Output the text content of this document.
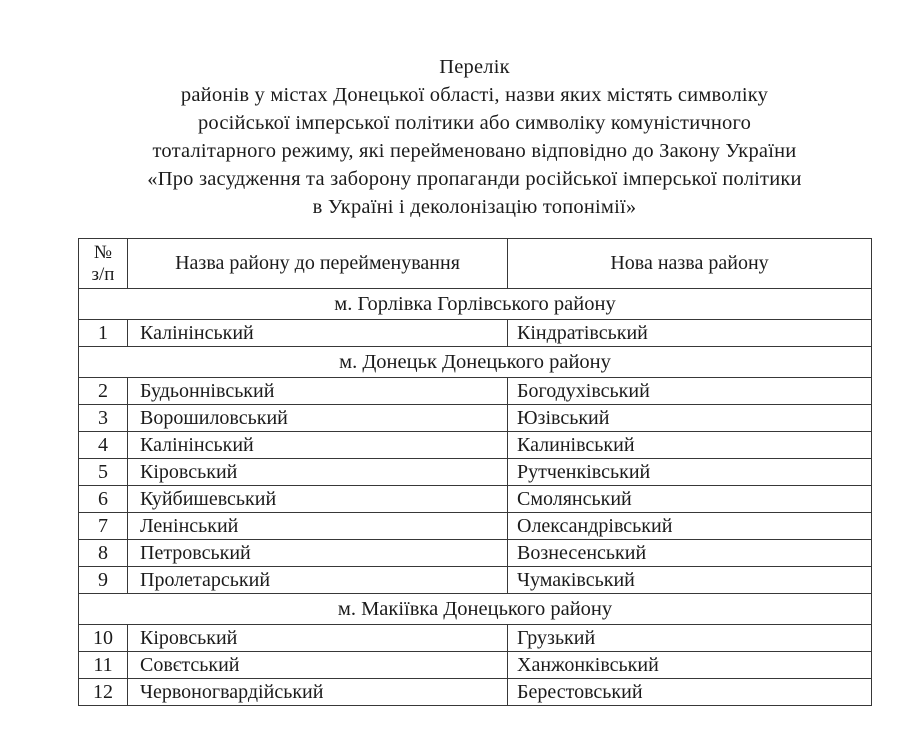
Перелік
районів у містах Донецької області, назви яких містять символіку
російської імперської політики або символіку комуністичного
тоталітарного режиму, які перейменовано відповідно до Закону України
«Про засудження та заборону пропаганди російської імперської політики
в Україні і деколонізацію топонімії»
№
з/п	Назва району до перейменування	Нова назва району
м. Горлівка Горлівського району		
1	Калінінський	Кіндратівський
м. Донецьк Донецького району		
2	Будьоннівський	Богодухівський
3	Ворошиловський	Юзівський
4	Калінінський	Калинівський
5	Кіровський	Рутченківський
6	Куйбишевський	Смолянський
7	Ленінський	Олександрівський
8	Петровський	Вознесенський
9	Пролетарський	Чумаківський
м. Макіївка Донецького району		
10	Кіровський	Грузький
11	Совєтський	Ханжонківський
12	Червоногвардійський	Берестовський
